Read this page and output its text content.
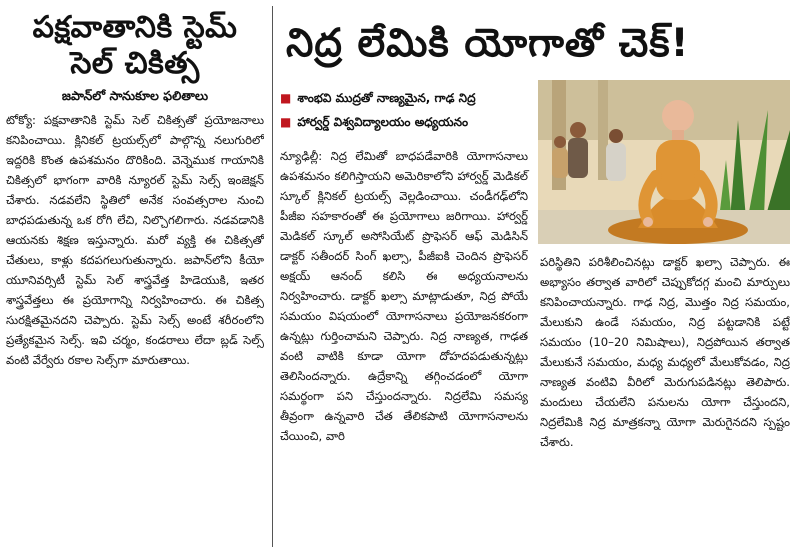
పక్షవాతానికి స్టెమ్ సెల్ చికిత్స
జపాన్‌లో సానుకూల ఫలితాలు

టోక్యో: పక్షవాతానికి స్టెమ్ సెల్ చికిత్సతో ప్రయోజనాలు కనిపించాయి. క్లినికల్ ట్రయల్స్‌లో పాల్గొన్న నలుగురిలో ఇద్దరికి కొంత ఉపశమనం దొరికింది. వెన్నెముక గాయానికి చికిత్సలో భాగంగా వారికి న్యూరల్ స్టెమ్ సెల్స్ ఇంజెక్షన్ చేశారు. నడవలేని స్థితిలో అనేక సంవత్సరాల నుంచి బాధపడుతున్న ఒక రోగి లేచి, నిల్చొగలిగారు. నడవడానికి ఆయనకు శిక్షణ ఇస్తున్నారు. మరో వ్యక్తి ఈ చికిత్సతో చేతులు, కాళ్లు కదపగలుగుతున్నారు. జపాన్‌లోని కీయో యూనివర్సిటీ స్టెమ్ సెల్ శాస్త్రవేత్త హిడెయుకి, ఇతర శాస్త్రవేత్తలు ఈ ప్రయోగాన్ని నిర్వహించారు. ఈ చికిత్స సురక్షితమైనదని చెప్పారు. స్టెమ్ సెల్స్ అంటే శరీరంలోని ప్రత్యేకమైన సెల్స్. ఇవి చర్మం, కండరాలు లేదా బ్లడ్ సెల్స్ వంటి వేర్వేరు రకాల సెల్స్‌గా మారుతాయి.

నిద్ర లేమికి యోగాతో చెక్!
■ శాంభవి ముద్రతో నాణ్యమైన, గాఢ నిద్ర
■ హార్వర్డ్ విశ్వవిద్యాలయం అధ్యయనం

న్యూఢిల్లీ: నిద్ర లేమితో బాధపడేవారికి యోగాసనాలు ఉపశమనం కలిగిస్తాయని అమెరికాలోని హార్వర్డ్ మెడికల్ స్కూల్ క్లినికల్ ట్రయల్స్ వెల్లడించాయి. చండీగఢ్‌లోని పీజీఐ సహకారంతో ఈ ప్రయోగాలు జరిగాయి. హార్వర్డ్ మెడికల్ స్కూల్ అసోసియేట్ ప్రొఫెసర్ ఆఫ్ మెడిసిన్ డాక్టర్ సతీందర్ సింగ్ ఖల్సా, పీజీఐకి చెందిన ప్రొఫెసర్ అక్షయ్ ఆనంద్ కలిసి ఈ అధ్యయనాలను నిర్వహించారు. డాక్టర్ ఖల్సా మాట్లాడుతూ, నిద్ర పోయే సమయం విషయంలో యోగాసనాలు ప్రయోజనకరంగా ఉన్నట్లు గుర్తించామని చెప్పారు. నిద్ర నాణ్యత, గాఢత వంటి వాటికి కూడా యోగా దోహదపడుతున్నట్లు తెలిసిందన్నారు. ఉద్రేకాన్ని తగ్గించడంలో యోగా సమర్థంగా పని చేస్తుందన్నారు. నిద్రలేమి సమస్య తీవ్రంగా ఉన్నవారి చేత తేలికపాటి యోగాసనాలను చేయించి, వారి

పరిస్థితిని పరిశీలించినట్లు డాక్టర్ ఖల్సా చెప్పారు. ఈ అభ్యాసం తర్వాత వారిలో చెప్పుకోదగ్గ మంచి మార్పులు కనిపించాయన్నారు. గాఢ నిద్ర, మొత్తం నిద్ర సమయం, మేలుకుని ఉండే సమయం, నిద్ర పట్టడానికి పట్టే సమయం (10–20 నిమిషాలు), నిద్రపోయిన తర్వాత మేలుకునే సమయం, మధ్య మధ్యలో మేలుకోవడం, నిద్ర నాణ్యత వంటివి వీరిలో మెరుగుపడినట్లు తెలిపారు. మందులు చేయలేని పనులను యోగా చేస్తుందని, నిద్రలేమికి నిద్ర మాత్రకన్నా యోగా మెరుగైనదని స్పష్టం చేశారు.
